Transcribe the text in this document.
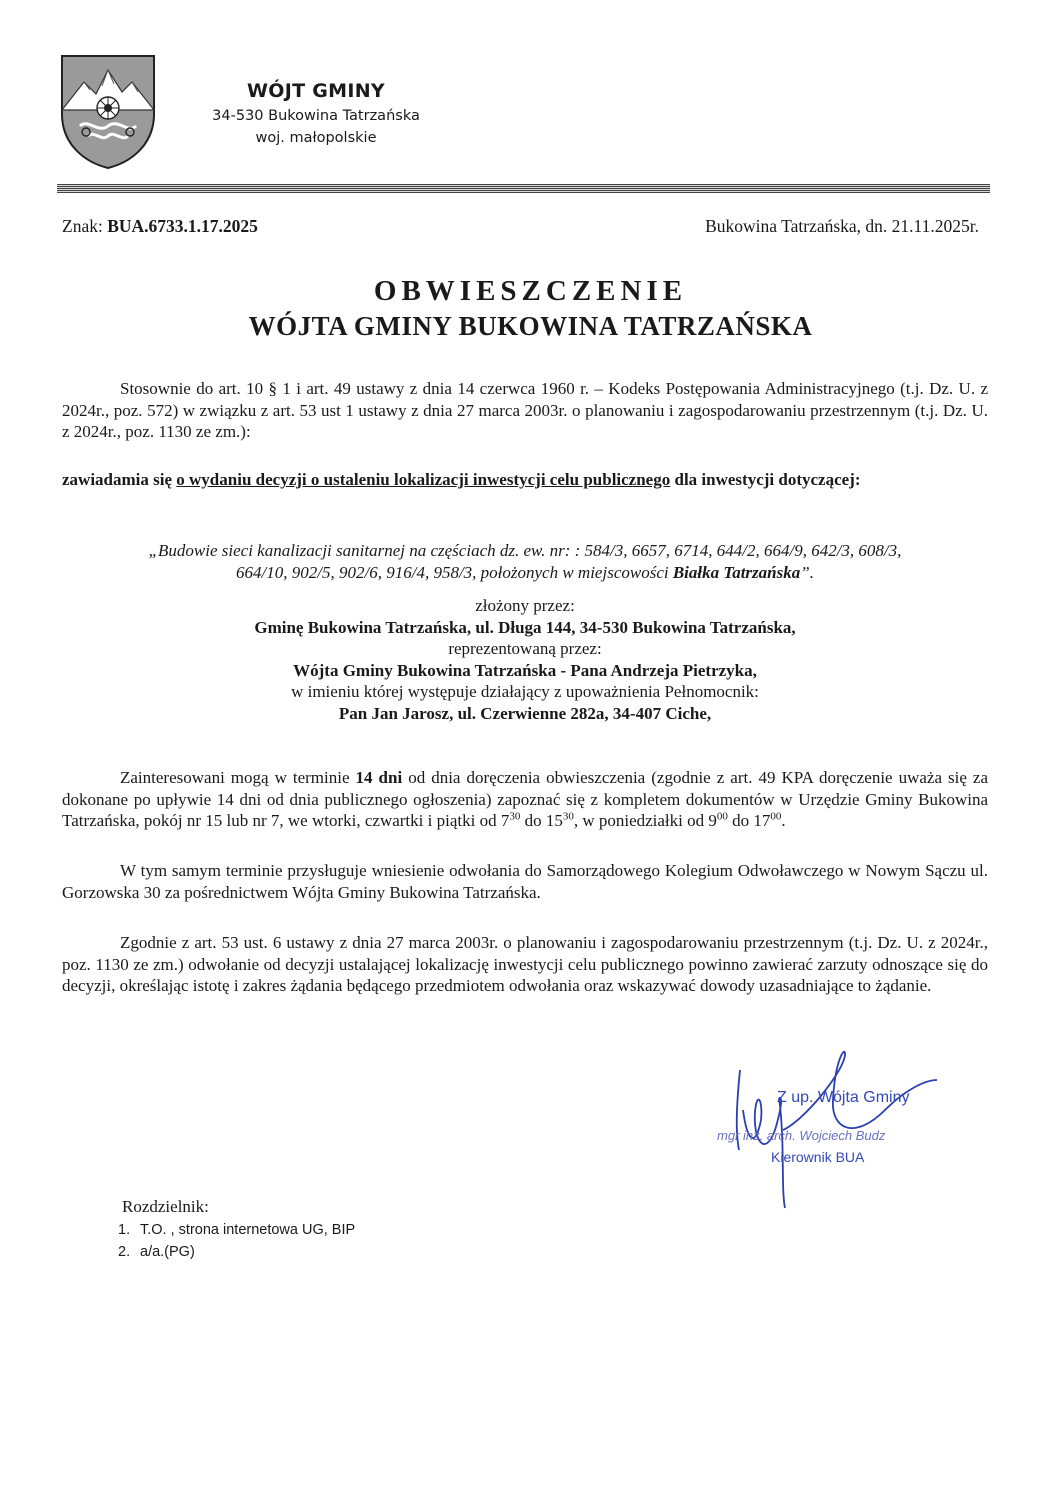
WÓJT GMINY
34-530 Bukowina Tatrzańska
woj. małopolskie
Znak: BUA.6733.1.17.2025	Bukowina Tatrzańska, dn. 21.11.2025r.
OBWIESZCZENIE
WÓJTA GMINY BUKOWINA TATRZAŃSKA
Stosownie do art. 10 § 1 i art. 49 ustawy z dnia 14 czerwca 1960 r. – Kodeks Postępowania Administracyjnego (t.j. Dz. U. z 2024r., poz. 572) w związku z art. 53 ust 1 ustawy z dnia 27 marca 2003r. o planowaniu i zagospodarowaniu przestrzennym (t.j. Dz. U. z 2024r., poz. 1130 ze zm.):
zawiadamia się o wydaniu decyzji o ustaleniu lokalizacji inwestycji celu publicznego dla inwestycji dotyczącej:
„Budowie sieci kanalizacji sanitarnej na częściach dz. ew. nr: : 584/3, 6657, 6714, 644/2, 664/9, 642/3, 608/3,
664/10, 902/5, 902/6, 916/4, 958/3, położonych w miejscowości Białka Tatrzańska”.
złożony przez:
Gminę Bukowina Tatrzańska, ul. Długa 144, 34-530 Bukowina Tatrzańska,
reprezentowaną przez:
Wójta Gminy Bukowina Tatrzańska - Pana Andrzeja Pietrzyka,
w imieniu której występuje działający z upoważnienia Pełnomocnik:
Pan Jan Jarosz, ul. Czerwienne 282a, 34-407 Ciche,
Zainteresowani mogą w terminie 14 dni od dnia doręczenia obwieszczenia (zgodnie z art. 49 KPA doręczenie uważa się za dokonane po upływie 14 dni od dnia publicznego ogłoszenia) zapoznać się z kompletem dokumentów w Urzędzie Gminy Bukowina Tatrzańska, pokój nr 15 lub nr 7, we wtorki, czwartki i piątki od $7^{30}$ do $15^{30}$, w poniedziałki od $9^{00}$ do $17^{00}$.
W tym samym terminie przysługuje wniesienie odwołania do Samorządowego Kolegium Odwoławczego w Nowym Sączu ul. Gorzowska 30 za pośrednictwem Wójta Gminy Bukowina Tatrzańska.
Zgodnie z art. 53 ust. 6 ustawy z dnia 27 marca 2003r. o planowaniu i zagospodarowaniu przestrzennym (t.j. Dz. U. z 2024r., poz. 1130 ze zm.) odwołanie od decyzji ustalającej lokalizację inwestycji celu publicznego powinno zawierać zarzuty odnoszące się do decyzji, określając istotę i zakres żądania będącego przedmiotem odwołania oraz wskazywać dowody uzasadniające to żądanie.
Z up. Wójta Gminy
mgr inż. arch. Wojciech Budz
Kierownik BUA
Rozdzielnik:
1. T.O. , strona internetowa UG, BIP
2. a/a.(PG)
